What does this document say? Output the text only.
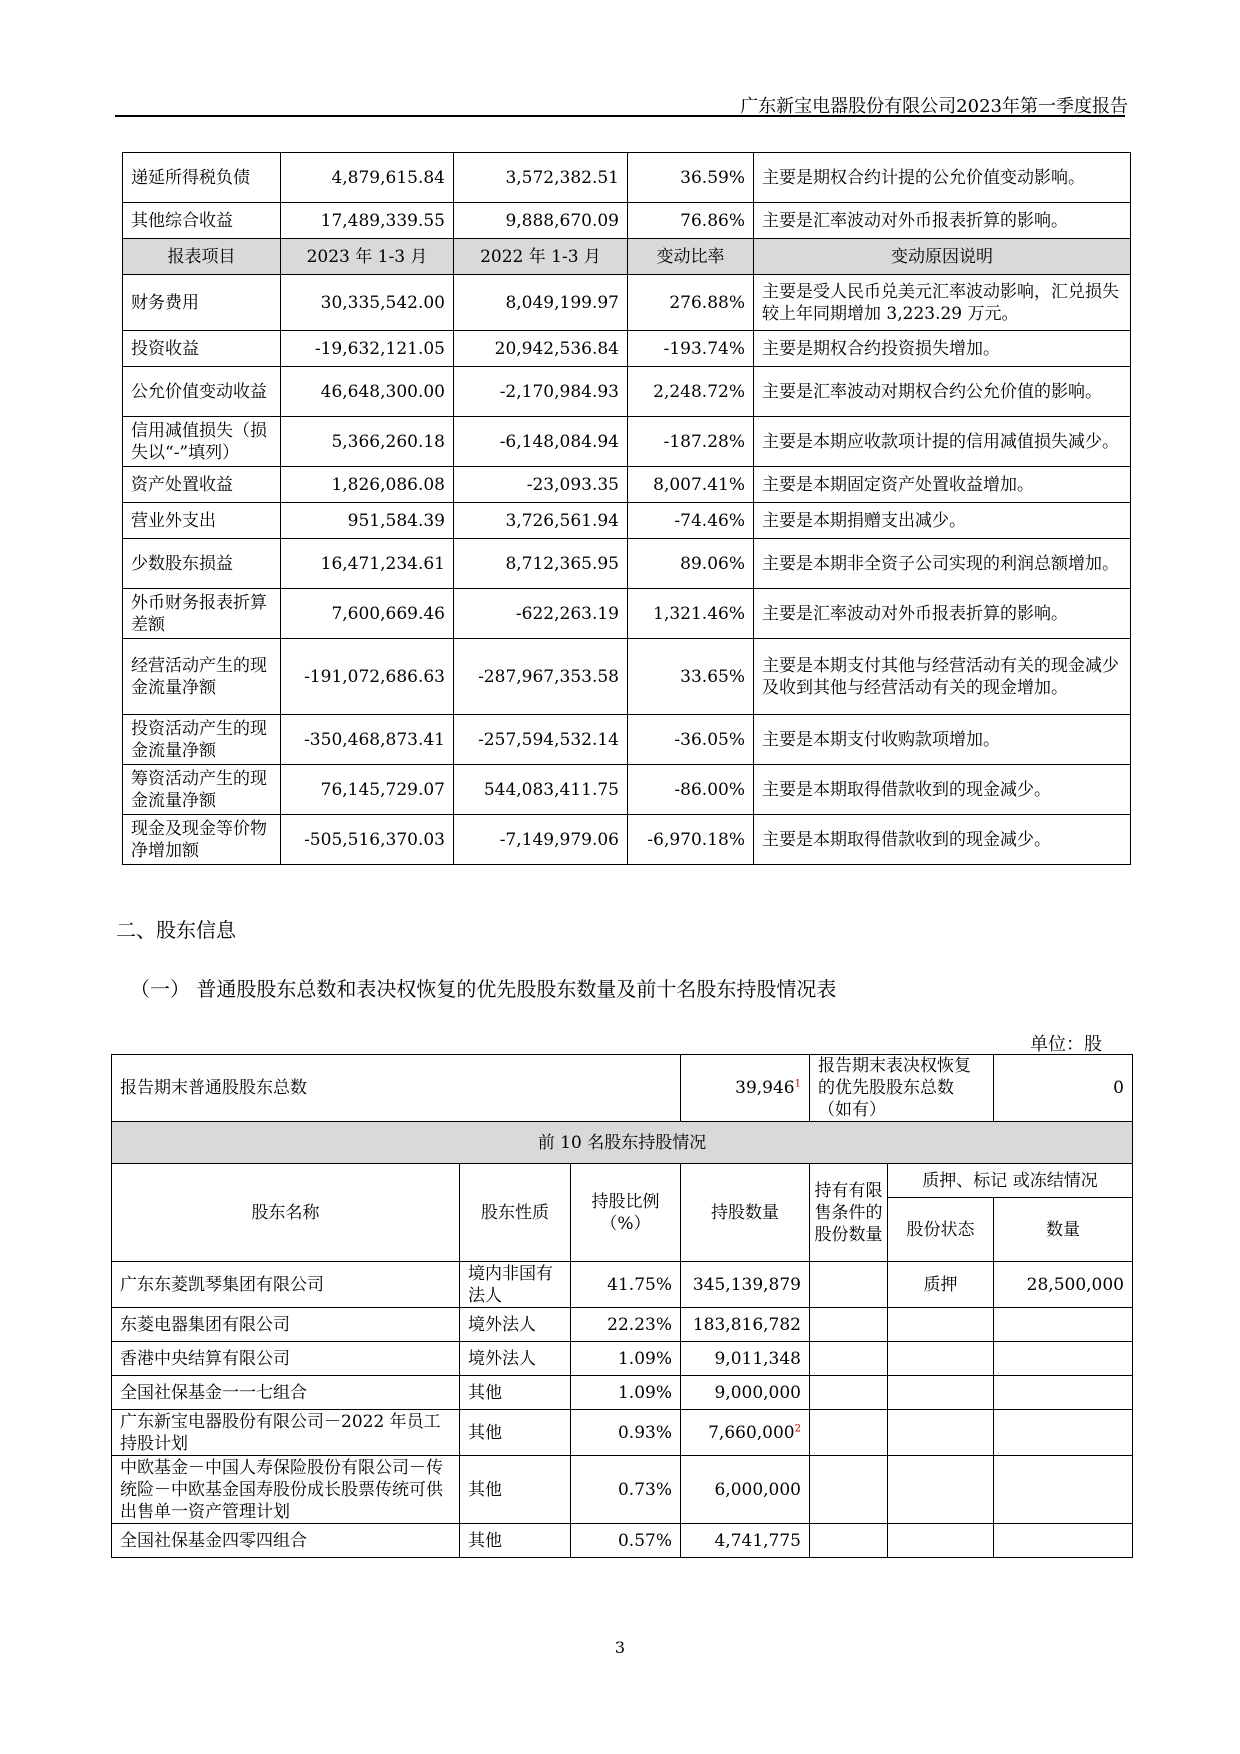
广东新宝电器股份有限公司2023年第一季度报告
递延所得税负债	4,879,615.84	3,572,382.51	36.59%	主要是期权合约计提的公允价值变动影响。
其他综合收益	17,489,339.55	9,888,670.09	76.86%	主要是汇率波动对外币报表折算的影响。
报表项目	2023 年 1-3 月	2022 年 1-3 月	变动比率	变动原因说明
财务费用	30,335,542.00	8,049,199.97	276.88%	主要是受人民币兑美元汇率波动影响，汇兑损失较上年同期增加 3,223.29 万元。
投资收益	-19,632,121.05	20,942,536.84	-193.74%	主要是期权合约投资损失增加。
公允价值变动收益	46,648,300.00	-2,170,984.93	2,248.72%	主要是汇率波动对期权合约公允价值的影响。
信用减值损失（损失以“-”填列）	5,366,260.18	-6,148,084.94	-187.28%	主要是本期应收款项计提的信用减值损失减少。
资产处置收益	1,826,086.08	-23,093.35	8,007.41%	主要是本期固定资产处置收益增加。
营业外支出	951,584.39	3,726,561.94	-74.46%	主要是本期捐赠支出减少。
少数股东损益	16,471,234.61	8,712,365.95	89.06%	主要是本期非全资子公司实现的利润总额增加。
外币财务报表折算差额	7,600,669.46	-622,263.19	1,321.46%	主要是汇率波动对外币报表折算的影响。
经营活动产生的现金流量净额	-191,072,686.63	-287,967,353.58	33.65%	主要是本期支付其他与经营活动有关的现金减少及收到其他与经营活动有关的现金增加。
投资活动产生的现金流量净额	-350,468,873.41	-257,594,532.14	-36.05%	主要是本期支付收购款项增加。
筹资活动产生的现金流量净额	76,145,729.07	544,083,411.75	-86.00%	主要是本期取得借款收到的现金减少。
现金及现金等价物净增加额	-505,516,370.03	-7,149,979.06	-6,970.18%	主要是本期取得借款收到的现金减少。
二、股东信息
（一） 普通股股东总数和表决权恢复的优先股股东数量及前十名股东持股情况表
单位：股
报告期末普通股股东总数			39,946$^1$	报告期末表决权恢复的优先股股东总数（如有）		0
前 10 名股东持股情况						
股东名称	股东性质	持股比例（%）	持股数量	持有有限售条件的股份数量	质押、标记 或冻结情况	
					股份状态	数量
广东东菱凯琴集团有限公司	境内非国有法人	41.75%	345,139,879		质押	28,500,000
东菱电器集团有限公司	境外法人	22.23%	183,816,782			
香港中央结算有限公司	境外法人	1.09%	9,011,348			
全国社保基金一一七组合	其他	1.09%	9,000,000			
广东新宝电器股份有限公司－2022 年员工持股计划	其他	0.93%	7,660,000$^2$			
中欧基金－中国人寿保险股份有限公司－传统险－中欧基金国寿股份成长股票传统可供出售单一资产管理计划	其他	0.73%	6,000,000			
全国社保基金四零四组合	其他	0.57%	4,741,775			
3
